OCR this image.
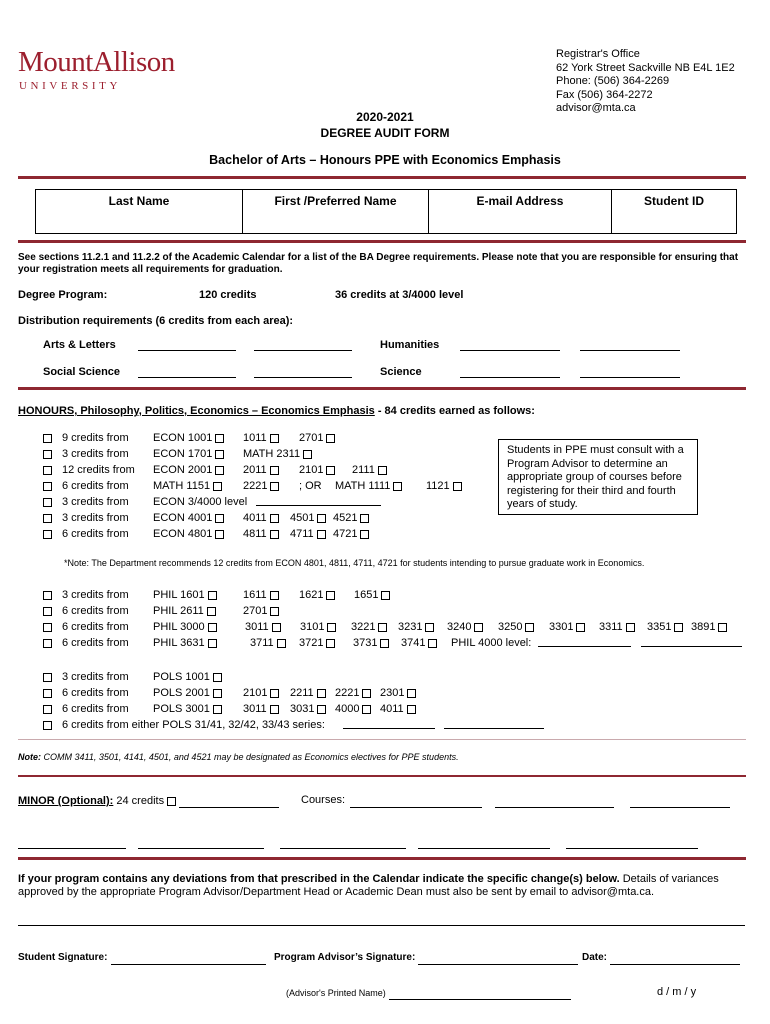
MountAllison
UNIVERSITY
Registrar's Office
62 York Street Sackville NB E4L 1E2
Phone: (506) 364-2269
Fax (506) 364-2272
advisor@mta.ca
2020-2021
DEGREE AUDIT FORM
Bachelor of Arts – Honours PPE with Economics Emphasis
Last Name	First /Preferred Name	E-mail Address	Student ID
See sections 11.2.1 and 11.2.2 of the Academic Calendar for a list of the BA Degree requirements. Please note that you are responsible for ensuring that
your registration meets all requirements for graduation.
Degree Program:	120 credits	36 credits at 3/4000 level
Distribution requirements (6 credits from each area):
Arts & Letters	Humanities
Social Science	Science
HONOURS, Philosophy, Politics, Economics – Economics Emphasis - 84 credits earned as follows:
9 credits from ECON 1001	1011	2701
3 credits from ECON 1701	MATH 2311
12 credits from ECON 2001	2011	2101	2111
6 credits from MATH 1151	2221	; OR MATH 1111	1121
3 credits from ECON 3/4000 level
3 credits from ECON 4001	4011	4501	4521
6 credits from ECON 4801	4811	4711	4721
Students in PPE must consult with a Program Advisor to determine an appropriate group of courses before registering for their third and fourth years of study.
*Note: The Department recommends 12 credits from ECON 4801, 4811, 4711, 4721 for students intending to pursue graduate work in Economics.
3 credits from PHIL 1601	1611	1621	1651
6 credits from PHIL 2611	2701
6 credits from PHIL 3000	3011	3101	3221	3231	3240	3250	3301	3311	3351	3891
6 credits from PHIL 3631	3711	3721	3731	3741	PHIL 4000 level:
3 credits from POLS 1001
6 credits from POLS 2001	2101	2211	2221	2301
6 credits from POLS 3001	3011	3031	4000	4011
6 credits from either POLS 31/41, 32/42, 33/43 series:
Note: COMM 3411, 3501, 4141, 4501, and 4521 may be designated as Economics electives for PPE students.
MINOR (Optional): 24 credits	Courses:
If your program contains any deviations from that prescribed in the Calendar indicate the specific change(s) below. Details of variances
approved by the appropriate Program Advisor/Department Head or Academic Dean must also be sent by email to advisor@mta.ca.
Student Signature:	Program Advisor’s Signature:	Date:
(Advisor's Printed Name)	d / m / y
